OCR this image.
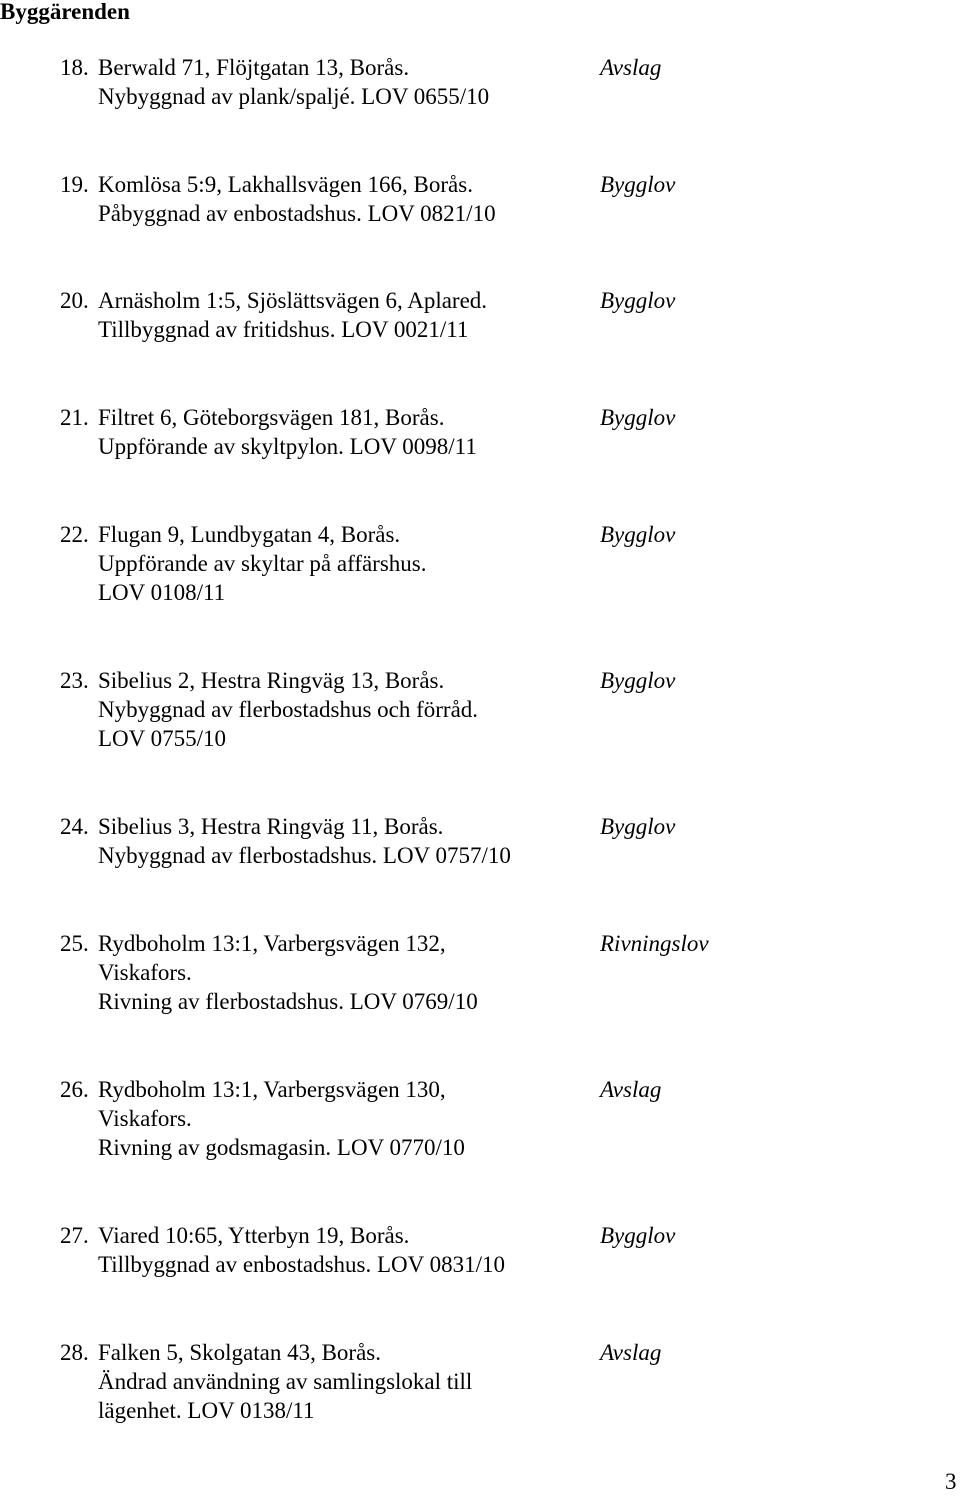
Byggärenden
18. Berwald 71, Flöjtgatan 13, Borås.
Nybyggnad av plank/spaljé. LOV 0655/10
Avslag
19. Komlösa 5:9, Lakhallsvägen 166, Borås.
Påbyggnad av enbostadshus. LOV 0821/10
Bygglov
20. Arnäsholm 1:5, Sjöslättsvägen 6, Aplared.
Tillbyggnad av fritidshus. LOV 0021/11
Bygglov
21. Filtret 6, Göteborgsvägen 181, Borås.
Uppförande av skyltpylon. LOV 0098/11
Bygglov
22. Flugan 9, Lundbygatan 4, Borås.
Uppförande av skyltar på affärshus.
LOV 0108/11
Bygglov
23. Sibelius 2, Hestra Ringväg 13, Borås.
Nybyggnad av flerbostadshus och förråd.
LOV 0755/10
Bygglov
24. Sibelius 3, Hestra Ringväg 11, Borås.
Nybyggnad av flerbostadshus. LOV 0757/10
Bygglov
25. Rydboholm 13:1, Varbergsvägen 132,
Viskafors.
Rivning av flerbostadshus. LOV 0769/10
Rivningslov
26. Rydboholm 13:1, Varbergsvägen 130,
Viskafors.
Rivning av godsmagasin. LOV 0770/10
Avslag
27. Viared 10:65, Ytterbyn 19, Borås.
Tillbyggnad av enbostadshus. LOV 0831/10
Bygglov
28. Falken 5, Skolgatan 43, Borås.
Ändrad användning av samlingslokal till
lägenhet. LOV 0138/11
Avslag
3
